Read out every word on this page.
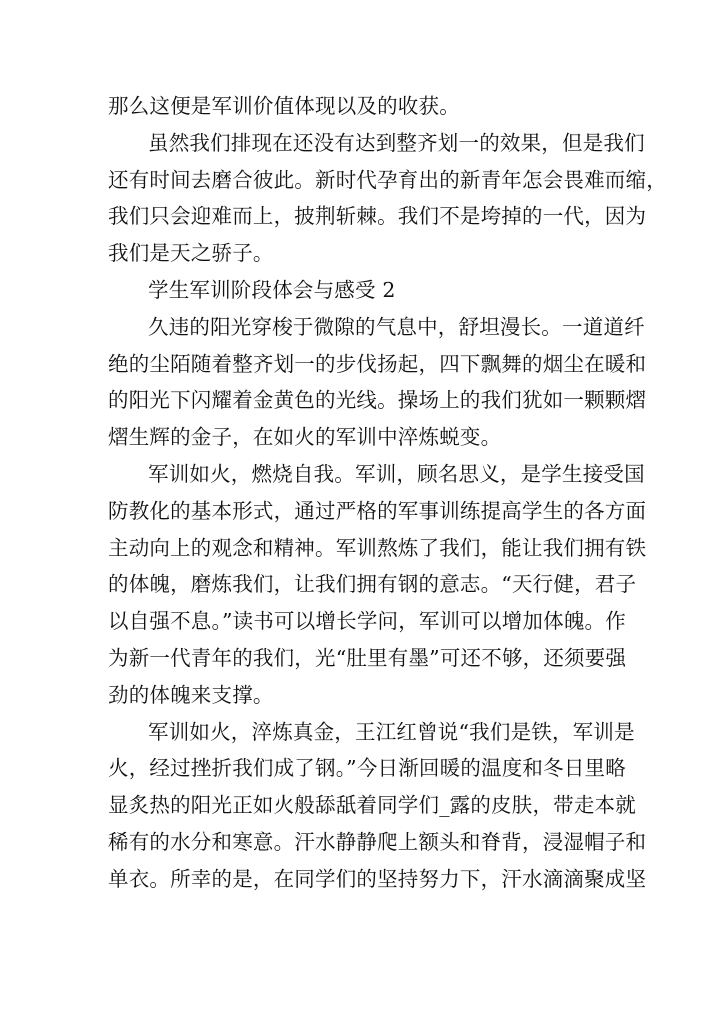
那么这便是军训价值体现以及的收获。
虽然我们排现在还没有达到整齐划一的效果，但是我们
还有时间去磨合彼此。新时代孕育出的新青年怎会畏难而缩，
我们只会迎难而上，披荆斩棘。我们不是垮掉的一代，因为
我们是天之骄子。
学生军训阶段体会与感受 2
久违的阳光穿梭于微隙的气息中，舒坦漫长。一道道纤
绝的尘陌随着整齐划一的步伐扬起，四下飘舞的烟尘在暖和
的阳光下闪耀着金黄色的光线。操场上的我们犹如一颗颗熠
熠生辉的金子，在如火的军训中淬炼蜕变。
军训如火，燃烧自我。军训，顾名思义，是学生接受国
防教化的基本形式，通过严格的军事训练提高学生的各方面
主动向上的观念和精神。军训熬炼了我们，能让我们拥有铁
的体魄，磨炼我们，让我们拥有钢的意志。“天行健，君子
以自强不息。”读书可以增长学问，军训可以增加体魄。作
为新一代青年的我们，光“肚里有墨”可还不够，还须要强
劲的体魄来支撑。
军训如火，淬炼真金，王江红曾说“我们是铁，军训是
火，经过挫折我们成了钢。”今日渐回暖的温度和冬日里略
显炙热的阳光正如火般舔舐着同学们_露的皮肤，带走本就
稀有的水分和寒意。汗水静静爬上额头和脊背，浸湿帽子和
单衣。所幸的是，在同学们的坚持努力下，汗水滴滴聚成坚
